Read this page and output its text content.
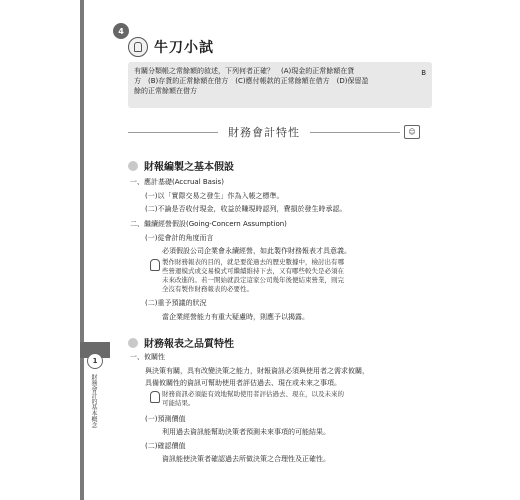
4
牛刀小試
有關分類帳之常餘額的敘述，下列何者正確？　(A)現金的正常餘額在貸
方　(B)存貨的正常餘額在借方　(C)應付帳款的正常餘額在借方　(D)保留盈
餘的正常餘額在借方
B
財務會計特性	☺
財報編製之基本假設
一、應計基礎(Accrual Basis)
(一)以「實際交易之發生」作為入帳之標準。
(二)不論是否收付現金，收益於賺現時認列，費損於發生時承認。
二、繼續經營假設(Going-Concern Assumption)
(一)從會計的角度而言
必須假設公司企業會永續經營，如此製作財務報表才具意義。
製作財務報表的目的，就是要從過去的歷史數據中，檢討出有哪
些營運模式或交易模式可繼續維持下去，又有哪些較失是必須在
未來改進的。若一開始就設定這家公司幾年後便結束營業，則完
全沒有製作財務報表的必要性。
(二)重予預議的狀況
當企業經營能力有重大疑慮時，則應予以揭露。
財務報表之品質特性
一、攸關性
與決策有關，具有改變決策之能力，財報資訊必須與使用者之需求攸關，
具備攸關性的資訊可幫助使用者評估過去、現在或未來之事項。
財務資訊必須能有效地幫助使用者評估過去、現在，以及未來的
可能結果。
(一)預測價值
利用過去資訊能幫助決策者預測未來事項的可能結果。
(二)確認價值
資訊能使決策者確認過去所做決策之合理性及正確性。
1
財務會計的基本概念
